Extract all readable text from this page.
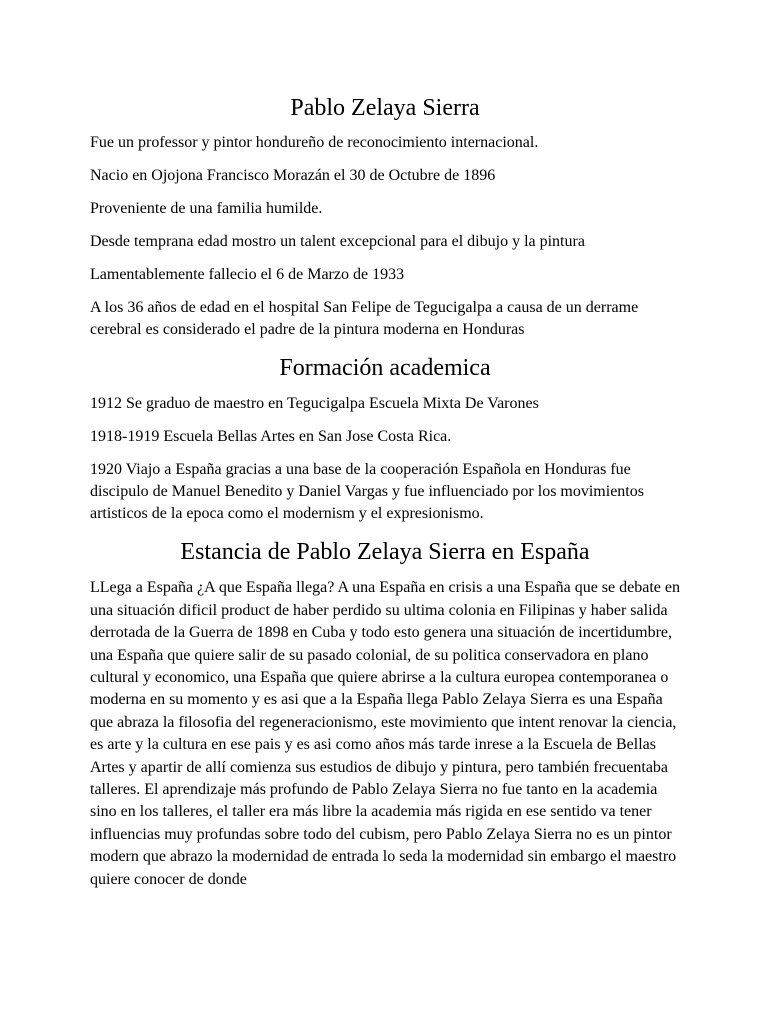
Pablo Zelaya Sierra

Fue un professor y pintor hondureño de reconocimiento internacional.

Nacio en Ojojona Francisco Morazán el 30 de Octubre de 1896

Proveniente de una familia humilde.

Desde temprana edad mostro un talent excepcional para el dibujo y la pintura

Lamentablemente fallecio el 6 de Marzo de 1933

A los 36 años de edad en el hospital San Felipe de Tegucigalpa a causa de un derrame cerebral es considerado el padre de la pintura moderna en Honduras

Formación academica

1912 Se graduo de maestro en Tegucigalpa Escuela Mixta De Varones

1918-1919 Escuela Bellas Artes en San Jose Costa Rica.

1920 Viajo a España gracias a una base de la cooperación Española en Honduras fue discipulo de Manuel Benedito y Daniel Vargas y fue influenciado por los movimientos artisticos de la epoca como el modernism y el expresionismo.

Estancia de Pablo Zelaya Sierra en España

LLega a España ¿A que España llega? A una España en crisis a una España que se debate en una situación dificil product de haber perdido su ultima colonia en Filipinas y haber salida derrotada de la Guerra de 1898 en Cuba y todo esto genera una situación de incertidumbre, una España que quiere salir de su pasado colonial, de su politica conservadora en plano cultural y economico, una España que quiere abrirse a la cultura europea contemporanea o moderna en su momento y es asi que a la España llega Pablo Zelaya Sierra es una España que abraza la filosofia del regeneracionismo, este movimiento que intent renovar la ciencia, es arte y la cultura en ese pais y es asi como años más tarde inrese a la Escuela de Bellas Artes y apartir de allí comienza sus estudios de dibujo y pintura, pero también frecuentaba talleres. El aprendizaje más profundo de Pablo Zelaya Sierra no fue tanto en la academia sino en los talleres, el taller era más libre la academia más rigida en ese sentido va tener influencias muy profundas sobre todo del cubism, pero Pablo Zelaya Sierra no es un pintor modern que abrazo la modernidad de entrada lo seda la modernidad sin embargo el maestro quiere conocer de donde
